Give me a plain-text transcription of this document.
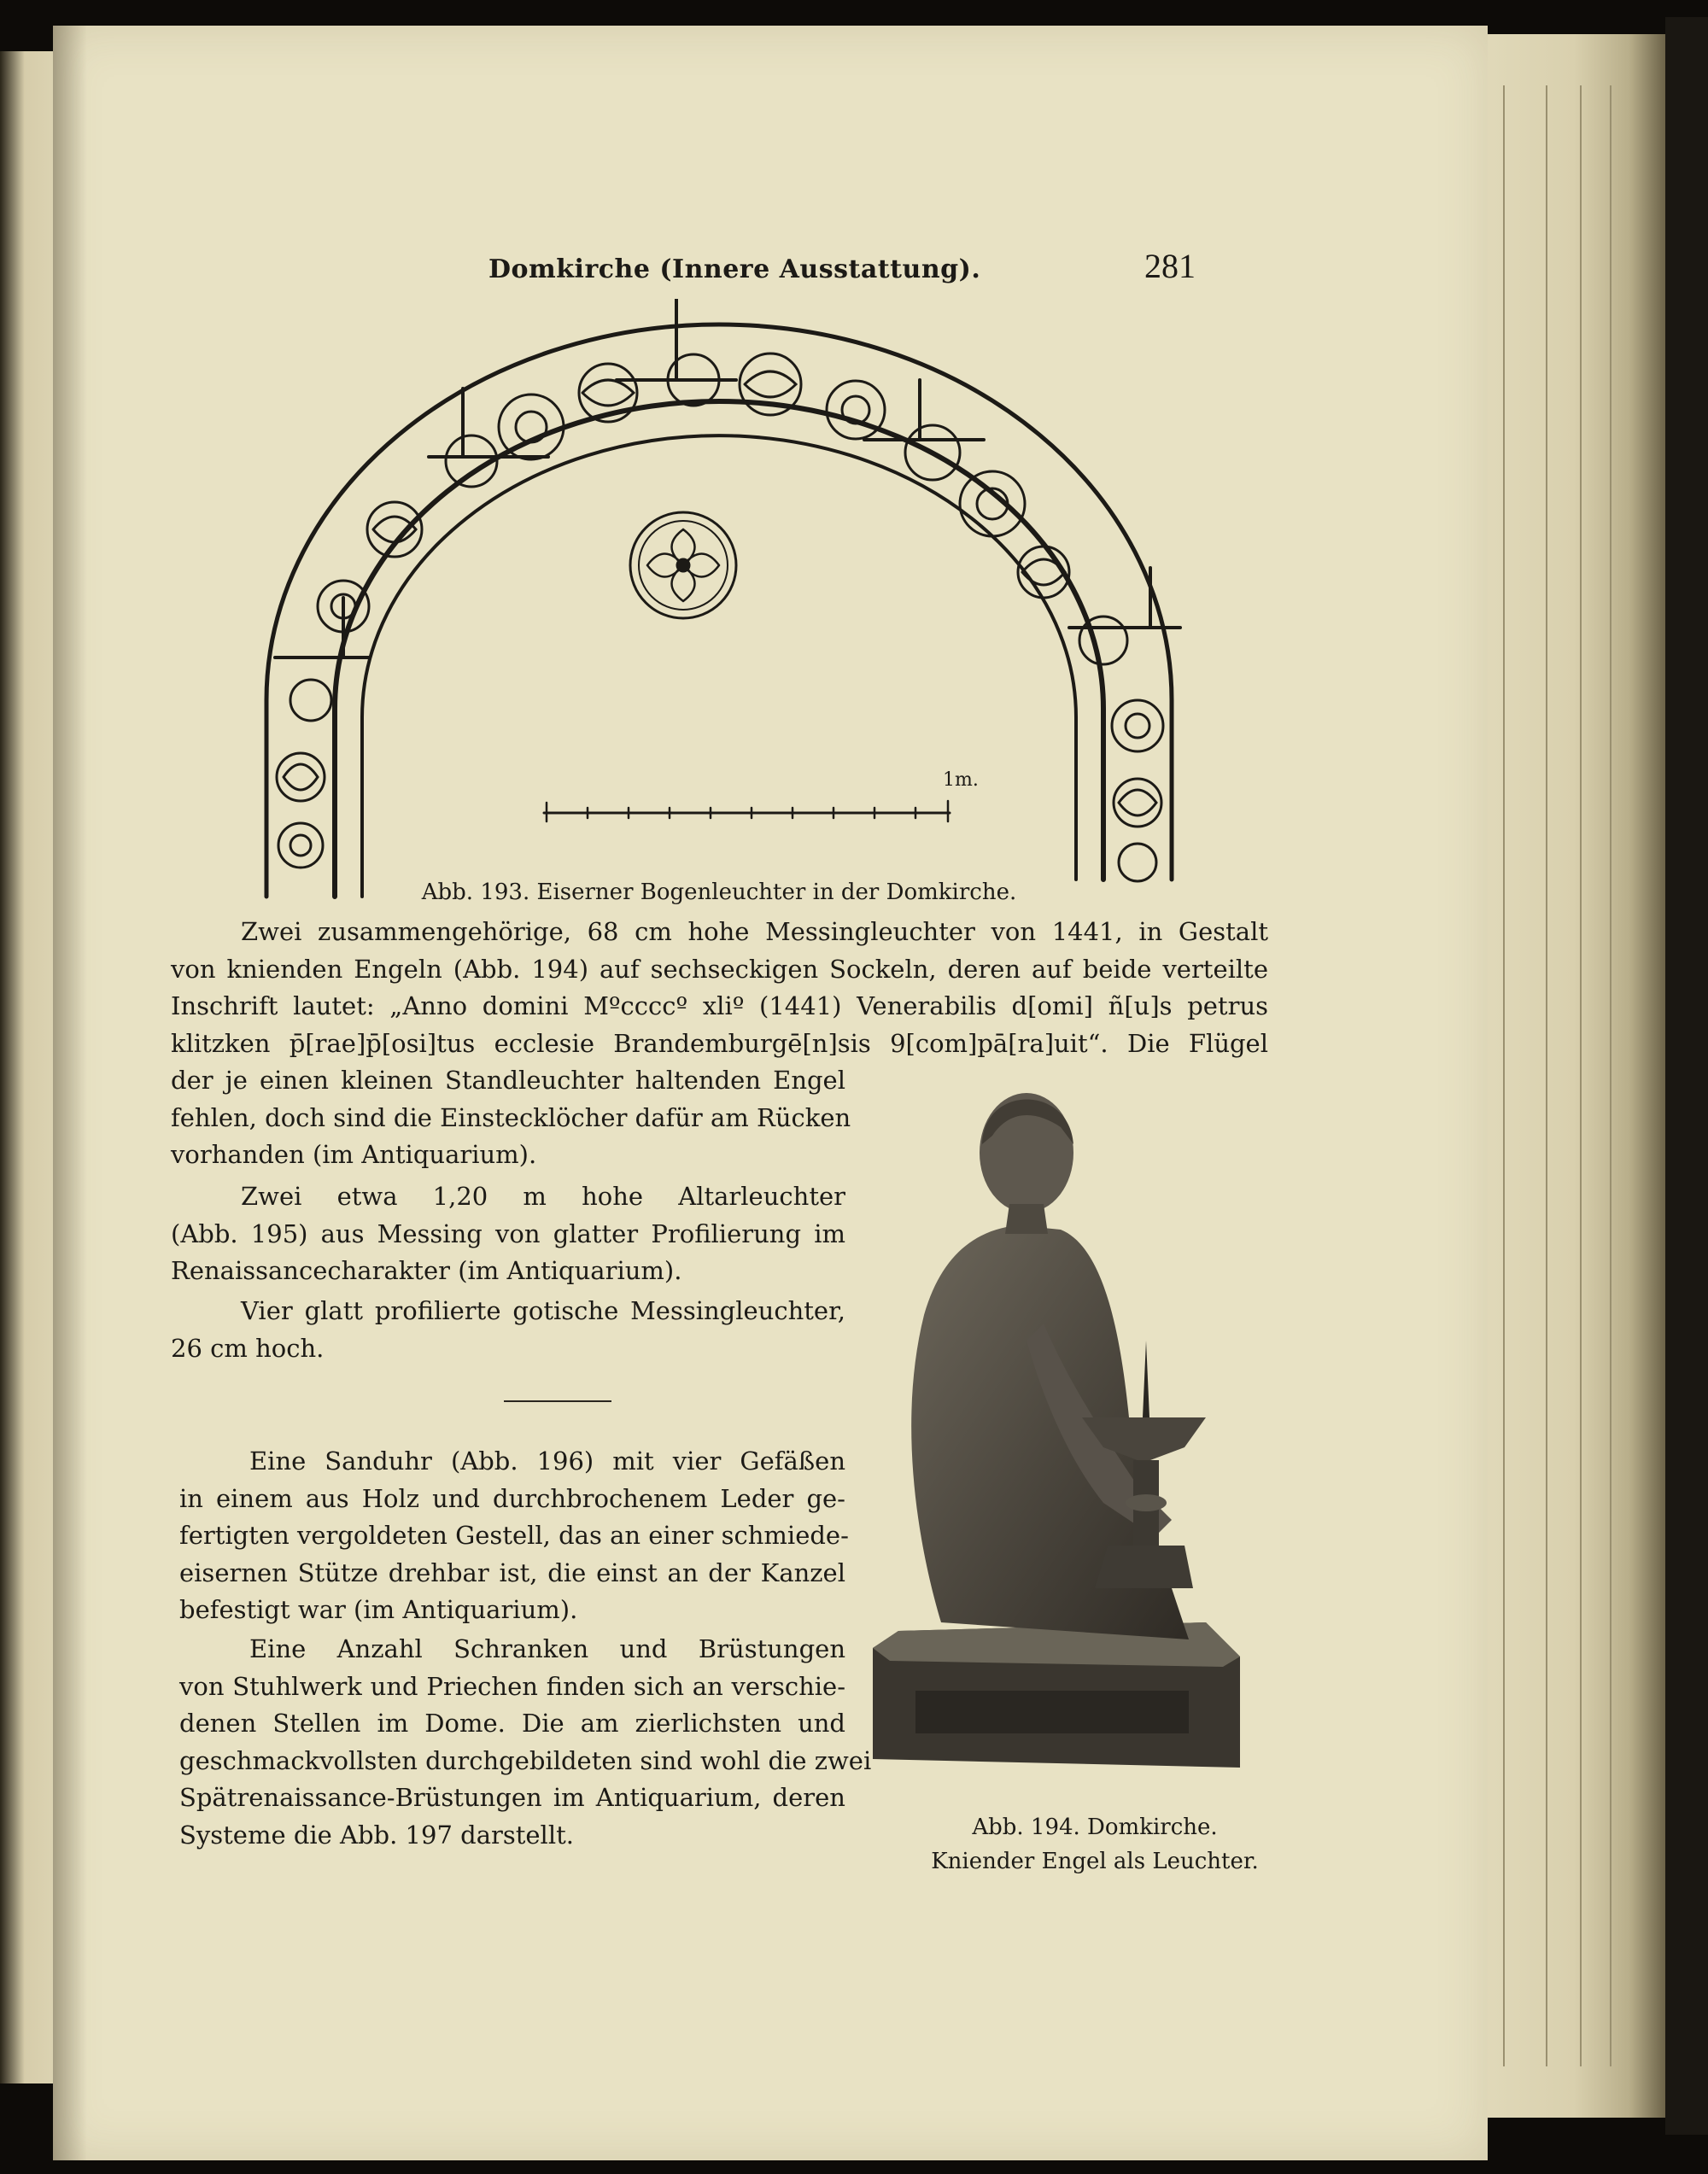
Domkirche (Innere Ausstattung).	281
1m.
Abb. 193. Eiserner Bogenleuchter in der Domkirche.
Abb. 194. Domkirche.
Kniender Engel als Leuchter.
Zwei zusammengehörige, 68 cm hohe Messingleuchter von 1441, in Gestalt
von knienden Engeln (Abb. 194) auf sechseckigen Sockeln, deren auf beide verteilte
Inschrift lautet: „Anno domini Mºccccº xliº (1441) Venerabilis d[omi] ñ[u]s petrus
klitzken p̄[rae]p̄[osi]tus ecclesie Brandemburgē[n]sis 9[com]pā[ra]uit“. Die Flügel
der je einen kleinen Standleuchter haltenden Engel
fehlen, doch sind die Einstecklöcher dafür am Rücken
vorhanden (im Antiquarium).
Zwei etwa 1,20 m hohe Altarleuchter
(Abb. 195) aus Messing von glatter Profilierung im
Renaissancecharakter (im Antiquarium).
Vier glatt profilierte gotische Messingleuchter,
26 cm hoch.
Eine Sanduhr (Abb. 196) mit vier Gefäßen
in einem aus Holz und durchbrochenem Leder ge-
fertigten vergoldeten Gestell, das an einer schmiede-
eisernen Stütze drehbar ist, die einst an der Kanzel
befestigt war (im Antiquarium).
Eine Anzahl Schranken und Brüstungen
von Stuhlwerk und Priechen finden sich an verschie-
denen Stellen im Dome. Die am zierlichsten und
geschmackvollsten durchgebildeten sind wohl die zwei
Spätrenaissance-Brüstungen im Antiquarium, deren
Systeme die Abb. 197 darstellt.
